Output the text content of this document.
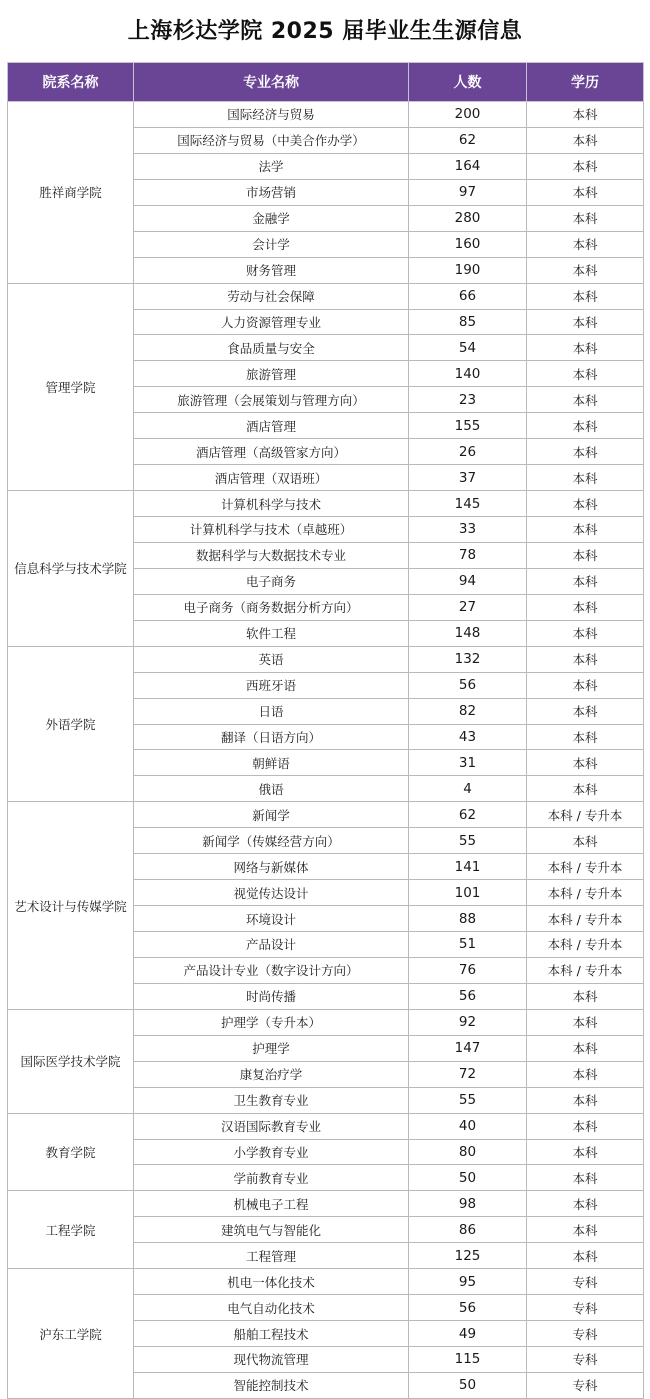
上海杉达学院 2025 届毕业生生源信息
院系名称	专业名称	人数	学历
胜祥商学院	国际经济与贸易	200	本科
	国际经济与贸易（中美合作办学）	62	本科
	法学	164	本科
	市场营销	97	本科
	金融学	280	本科
	会计学	160	本科
	财务管理	190	本科
管理学院	劳动与社会保障	66	本科
	人力资源管理专业	85	本科
	食品质量与安全	54	本科
	旅游管理	140	本科
	旅游管理（会展策划与管理方向）	23	本科
	酒店管理	155	本科
	酒店管理（高级管家方向）	26	本科
	酒店管理（双语班）	37	本科
信息科学与技术学院	计算机科学与技术	145	本科
	计算机科学与技术（卓越班）	33	本科
	数据科学与大数据技术专业	78	本科
	电子商务	94	本科
	电子商务（商务数据分析方向）	27	本科
	软件工程	148	本科
外语学院	英语	132	本科
	西班牙语	56	本科
	日语	82	本科
	翻译（日语方向）	43	本科
	朝鲜语	31	本科
	俄语	4	本科
艺术设计与传媒学院	新闻学	62	本科 / 专升本
	新闻学（传媒经营方向）	55	本科
	网络与新媒体	141	本科 / 专升本
	视觉传达设计	101	本科 / 专升本
	环境设计	88	本科 / 专升本
	产品设计	51	本科 / 专升本
	产品设计专业（数字设计方向）	76	本科 / 专升本
	时尚传播	56	本科
国际医学技术学院	护理学（专升本）	92	本科
	护理学	147	本科
	康复治疗学	72	本科
	卫生教育专业	55	本科
教育学院	汉语国际教育专业	40	本科
	小学教育专业	80	本科
	学前教育专业	50	本科
工程学院	机械电子工程	98	本科
	建筑电气与智能化	86	本科
	工程管理	125	本科
沪东工学院	机电一体化技术	95	专科
	电气自动化技术	56	专科
	船舶工程技术	49	专科
	现代物流管理	115	专科
	智能控制技术	50	专科
